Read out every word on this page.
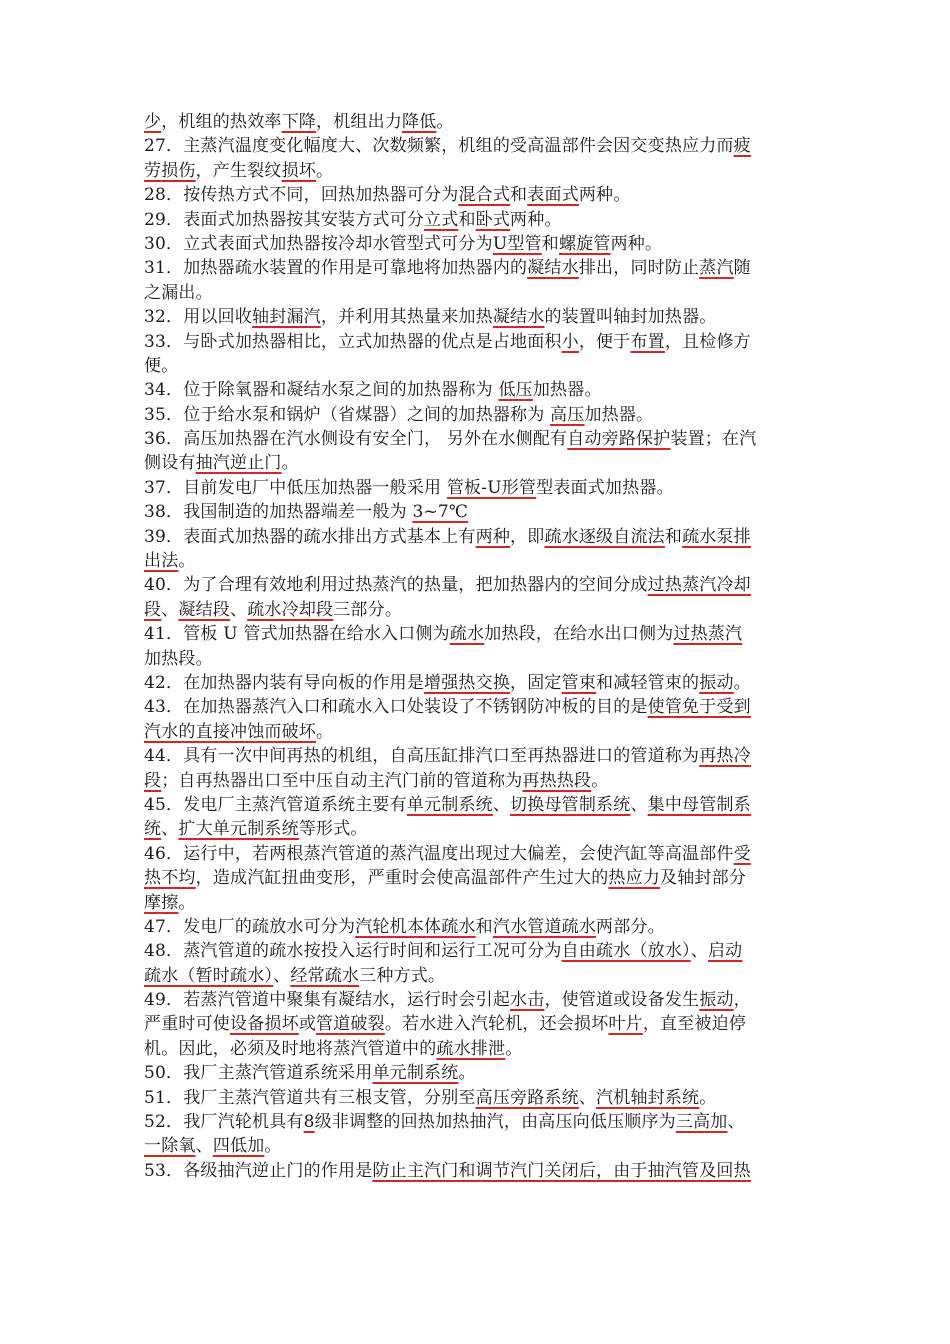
少，机组的热效率下降，机组出力降低。
27．主蒸汽温度变化幅度大、次数频繁，机组的受高温部件会因交变热应力而疲
劳损伤，产生裂纹损坏。
28．按传热方式不同，回热加热器可分为混合式和表面式两种。
29．表面式加热器按其安装方式可分立式和卧式两种。
30．立式表面式加热器按冷却水管型式可分为U型管和螺旋管两种。
31．加热器疏水装置的作用是可靠地将加热器内的凝结水排出，同时防止蒸汽随
之漏出。
32．用以回收轴封漏汽，并利用其热量来加热凝结水的装置叫轴封加热器。
33．与卧式加热器相比，立式加热器的优点是占地面积小，便于布置，且检修方
便。
34．位于除氧器和凝结水泵之间的加热器称为 低压加热器。
35．位于给水泵和锅炉（省煤器）之间的加热器称为 高压加热器。
36．高压加热器在汽水侧设有安全门， 另外在水侧配有自动旁路保护装置；在汽
侧设有抽汽逆止门。
37．目前发电厂中低压加热器一般采用 管板-U形管型表面式加热器。
38．我国制造的加热器端差一般为 3~7℃
39．表面式加热器的疏水排出方式基本上有两种，即疏水逐级自流法和疏水泵排
出法。
40．为了合理有效地利用过热蒸汽的热量，把加热器内的空间分成过热蒸汽冷却
段、凝结段、疏水冷却段三部分。
41．管板 U 管式加热器在给水入口侧为疏水加热段，在给水出口侧为过热蒸汽
加热段。
42．在加热器内装有导向板的作用是增强热交换，固定管束和减轻管束的振动。
43．在加热器蒸汽入口和疏水入口处装设了不锈钢防冲板的目的是使管免于受到
汽水的直接冲蚀而破坏。
44．具有一次中间再热的机组，自高压缸排汽口至再热器进口的管道称为再热冷
段；自再热器出口至中压自动主汽门前的管道称为再热热段。
45．发电厂主蒸汽管道系统主要有单元制系统、切换母管制系统、集中母管制系
统、扩大单元制系统等形式。
46．运行中，若两根蒸汽管道的蒸汽温度出现过大偏差，会使汽缸等高温部件受
热不均，造成汽缸扭曲变形，严重时会使高温部件产生过大的热应力及轴封部分
摩擦。
47．发电厂的疏放水可分为汽轮机本体疏水和汽水管道疏水两部分。
48．蒸汽管道的疏水按投入运行时间和运行工况可分为自由疏水（放水）、启动
疏水（暂时疏水）、经常疏水三种方式。
49．若蒸汽管道中聚集有凝结水，运行时会引起水击，使管道或设备发生振动，
严重时可使设备损坏或管道破裂。若水进入汽轮机，还会损坏叶片，直至被迫停
机。因此，必须及时地将蒸汽管道中的疏水排泄。
50．我厂主蒸汽管道系统采用单元制系统。
51．我厂主蒸汽管道共有三根支管，分别至高压旁路系统、汽机轴封系统。
52．我厂汽轮机具有8级非调整的回热加热抽汽，由高压向低压顺序为三高加、
一除氧、四低加。
53．各级抽汽逆止门的作用是防止主汽门和调节汽门关闭后，由于抽汽管及回热
